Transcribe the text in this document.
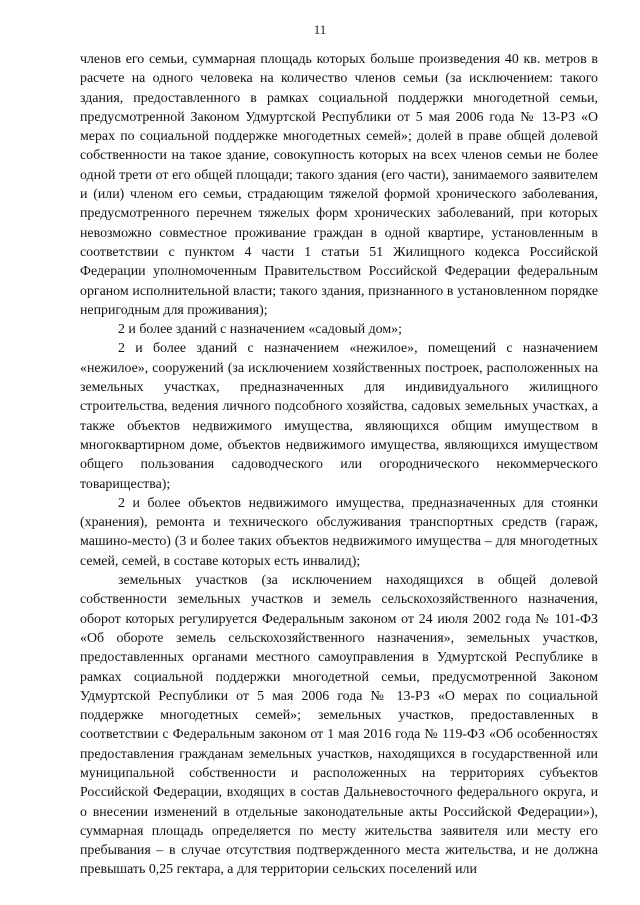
11

членов его семьи, суммарная площадь которых больше произведения 40 кв. метров в расчете на одного человека на количество членов семьи (за исключением: такого здания, предоставленного в рамках социальной поддержки многодетной семьи, предусмотренной Законом Удмуртской Республики от 5 мая 2006 года № 13-РЗ «О мерах по социальной поддержке многодетных семей»; долей в праве общей долевой собственности на такое здание, совокупность которых на всех членов семьи не более одной трети от его общей площади; такого здания (его части), занимаемого заявителем и (или) членом его семьи, страдающим тяжелой формой хронического заболевания, предусмотренного перечнем тяжелых форм хронических заболеваний, при которых невозможно совместное проживание граждан в одной квартире, установленным в соответствии с пунктом 4 части 1 статьи 51 Жилищного кодекса Российской Федерации уполномоченным Правительством Российской Федерации федеральным органом исполнительной власти; такого здания, признанного в установленном порядке непригодным для проживания);

2 и более зданий с назначением «садовый дом»;

2 и более зданий с назначением «нежилое», помещений с назначением «нежилое», сооружений (за исключением хозяйственных построек, расположенных на земельных участках, предназначенных для индивидуального жилищного строительства, ведения личного подсобного хозяйства, садовых земельных участках, а также объектов недвижимого имущества, являющихся общим имуществом в многоквартирном доме, объектов недвижимого имущества, являющихся имуществом общего пользования садоводческого или огороднического некоммерческого товарищества);

2 и более объектов недвижимого имущества, предназначенных для стоянки (хранения), ремонта и технического обслуживания транспортных средств (гараж, машино-место) (3 и более таких объектов недвижимого имущества – для многодетных семей, семей, в составе которых есть инвалид);

земельных участков (за исключением находящихся в общей долевой собственности земельных участков и земель сельскохозяйственного назначения, оборот которых регулируется Федеральным законом от 24 июля 2002 года № 101-ФЗ «Об обороте земель сельскохозяйственного назначения», земельных участков, предоставленных органами местного самоуправления в Удмуртской Республике в рамках социальной поддержки многодетной семьи, предусмотренной Законом Удмуртской Республики от 5 мая 2006 года № 13-РЗ «О мерах по социальной поддержке многодетных семей»; земельных участков, предоставленных в соответствии с Федеральным законом от 1 мая 2016 года № 119-ФЗ «Об особенностях предоставления гражданам земельных участков, находящихся в государственной или муниципальной собственности и расположенных на территориях субъектов Российской Федерации, входящих в состав Дальневосточного федерального округа, и о внесении изменений в отдельные законодательные акты Российской Федерации»), суммарная площадь определяется по месту жительства заявителя или месту его пребывания – в случае отсутствия подтвержденного места жительства, и не должна превышать 0,25 гектара, а для территории сельских поселений или
